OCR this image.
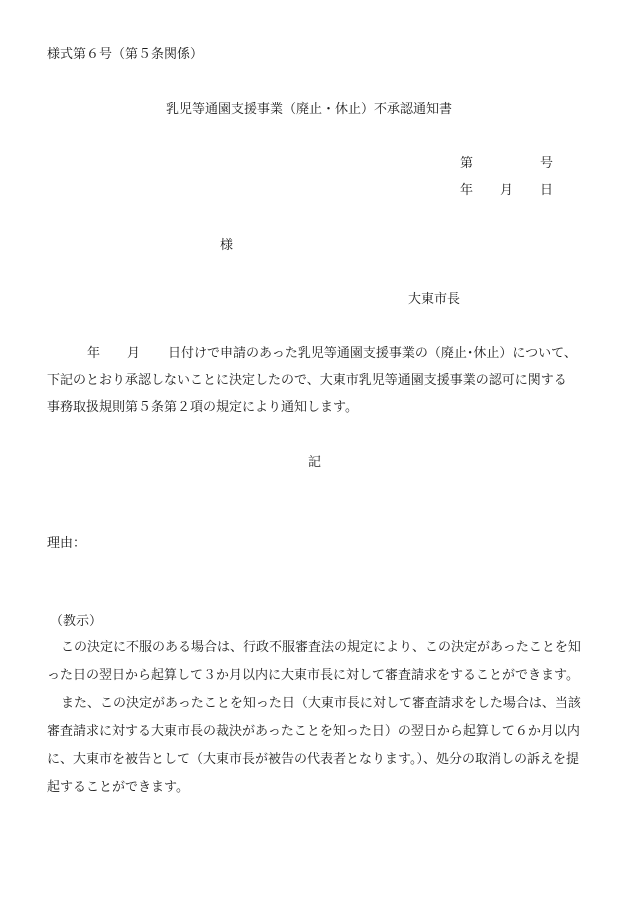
様式第６号（第５条関係）
乳児等通園支援事業（廃止・休止）不承認通知書
第	号
年 月 日
様
大東市長
年 月 日付けで申請のあった乳児等通園支援事業の（廃止･休止）について、
下記のとおり承認しないことに決定したので、大東市乳児等通園支援事業の認可に関する
事務取扱規則第５条第２項の規定により通知します。
記
理由：
（教示）

この決定に不服のある場合は、行政不服審査法の規定により、この決定があったことを知った日の翌日から起算して３か月以内に大東市長に対して審査請求をすることができます。

また、この決定があったことを知った日（大東市長に対して審査請求をした場合は、当該審査請求に対する大東市長の裁決があったことを知った日）の翌日から起算して６か月以内に、大東市を被告として（大東市長が被告の代表者となります。）、処分の取消しの訴えを提起することができます。
